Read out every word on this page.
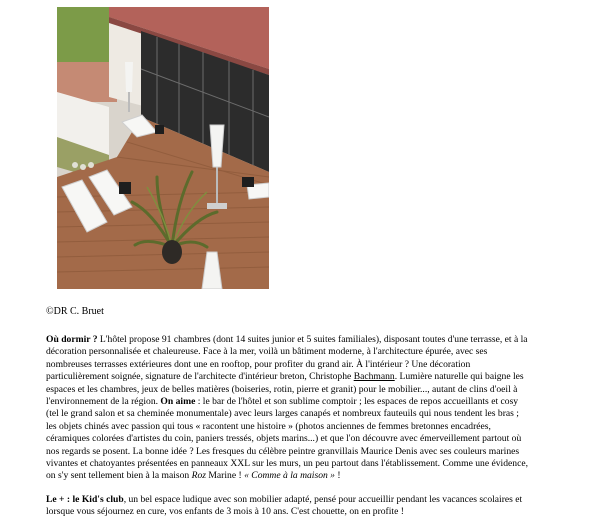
©DR C. Bruet
Où dormir ? L'hôtel propose 91 chambres (dont 14 suites junior et 5 suites familiales), disposant toutes d'une terrasse, et à la
décoration personnalisée et chaleureuse. Face à la mer, voilà un bâtiment moderne, à l'architecture épurée, avec ses
nombreuses terrasses extérieures dont une en rooftop, pour profiter du grand air. À l'intérieur ? Une décoration
particulièrement soignée, signature de l'architecte d'intérieur breton, Christophe Bachmann. Lumière naturelle qui baigne les
espaces et les chambres, jeux de belles matières (boiseries, rotin, pierre et granit) pour le mobilier..., autant de clins d'oeil à
l'environnement de la région. On aime : le bar de l'hôtel et son sublime comptoir ; les espaces de repos accueillants et cosy
(tel le grand salon et sa cheminée monumentale) avec leurs larges canapés et nombreux fauteuils qui nous tendent les bras ;
les objets chinés avec passion qui tous « racontent une histoire » (photos anciennes de femmes bretonnes encadrées,
céramiques colorées d'artistes du coin, paniers tressés, objets marins...) et que l'on découvre avec émerveillement partout où
nos regards se posent. La bonne idée ? Les fresques du célèbre peintre granvillais Maurice Denis avec ses couleurs marines
vivantes et chatoyantes présentées en panneaux XXL sur les murs, un peu partout dans l'établissement. Comme une évidence,
on s'y sent tellement bien à la maison Roz Marine ! « Comme à la maison » !
Le + : le Kid's club, un bel espace ludique avec son mobilier adapté, pensé pour accueillir pendant les vacances scolaires et
lorsque vous séjournez en cure, vos enfants de 3 mois à 10 ans. C'est chouette, on en profite !
